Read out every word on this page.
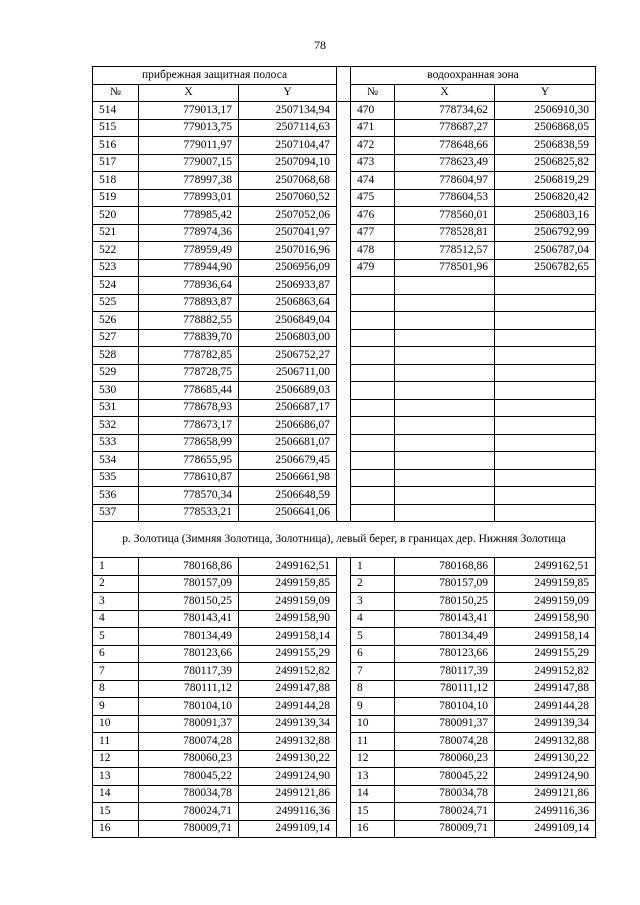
78
прибрежная защитная полоса				водоохранная зона		
№	X	Y		№	X	Y
514	779013,17	2507134,94		470	778734,62	2506910,30
515	779013,75	2507114,63		471	778687,27	2506868,05
516	779011,97	2507104,47		472	778648,66	2506838,59
517	779007,15	2507094,10		473	778623,49	2506825,82
518	778997,38	2507068,68		474	778604,97	2506819,29
519	778993,01	2507060,52		475	778604,53	2506820,42
520	778985,42	2507052,06		476	778560,01	2506803,16
521	778974,36	2507041,97		477	778528,81	2506792,99
522	778959,49	2507016,96		478	778512,57	2506787,04
523	778944,90	2506956,09		479	778501,96	2506782,65
524	778936,64	2506933,87				
525	778893,87	2506863,64				
526	778882,55	2506849,04				
527	778839,70	2506803,00				
528	778782,85	2506752,27				
529	778728,75	2506711,00				
530	778685,44	2506689,03				
531	778678,93	2506687,17				
532	778673,17	2506686,07				
533	778658,99	2506681,07				
534	778655,95	2506679,45				
535	778610,87	2506661,98				
536	778570,34	2506648,59				
537	778533,21	2506641,06				
р. Золотица (Зимняя Золотица, Золотница), левый берег, в границах дер. Нижняя Золотица						
1	780168,86	2499162,51		1	780168,86	2499162,51
2	780157,09	2499159,85		2	780157,09	2499159,85
3	780150,25	2499159,09		3	780150,25	2499159,09
4	780143,41	2499158,90		4	780143,41	2499158,90
5	780134,49	2499158,14		5	780134,49	2499158,14
6	780123,66	2499155,29		6	780123,66	2499155,29
7	780117,39	2499152,82		7	780117,39	2499152,82
8	780111,12	2499147,88		8	780111,12	2499147,88
9	780104,10	2499144,28		9	780104,10	2499144,28
10	780091,37	2499139,34		10	780091,37	2499139,34
11	780074,28	2499132,88		11	780074,28	2499132,88
12	780060,23	2499130,22		12	780060,23	2499130,22
13	780045,22	2499124,90		13	780045,22	2499124,90
14	780034,78	2499121,86		14	780034,78	2499121,86
15	780024,71	2499116,36		15	780024,71	2499116,36
16	780009,71	2499109,14		16	780009,71	2499109,14
